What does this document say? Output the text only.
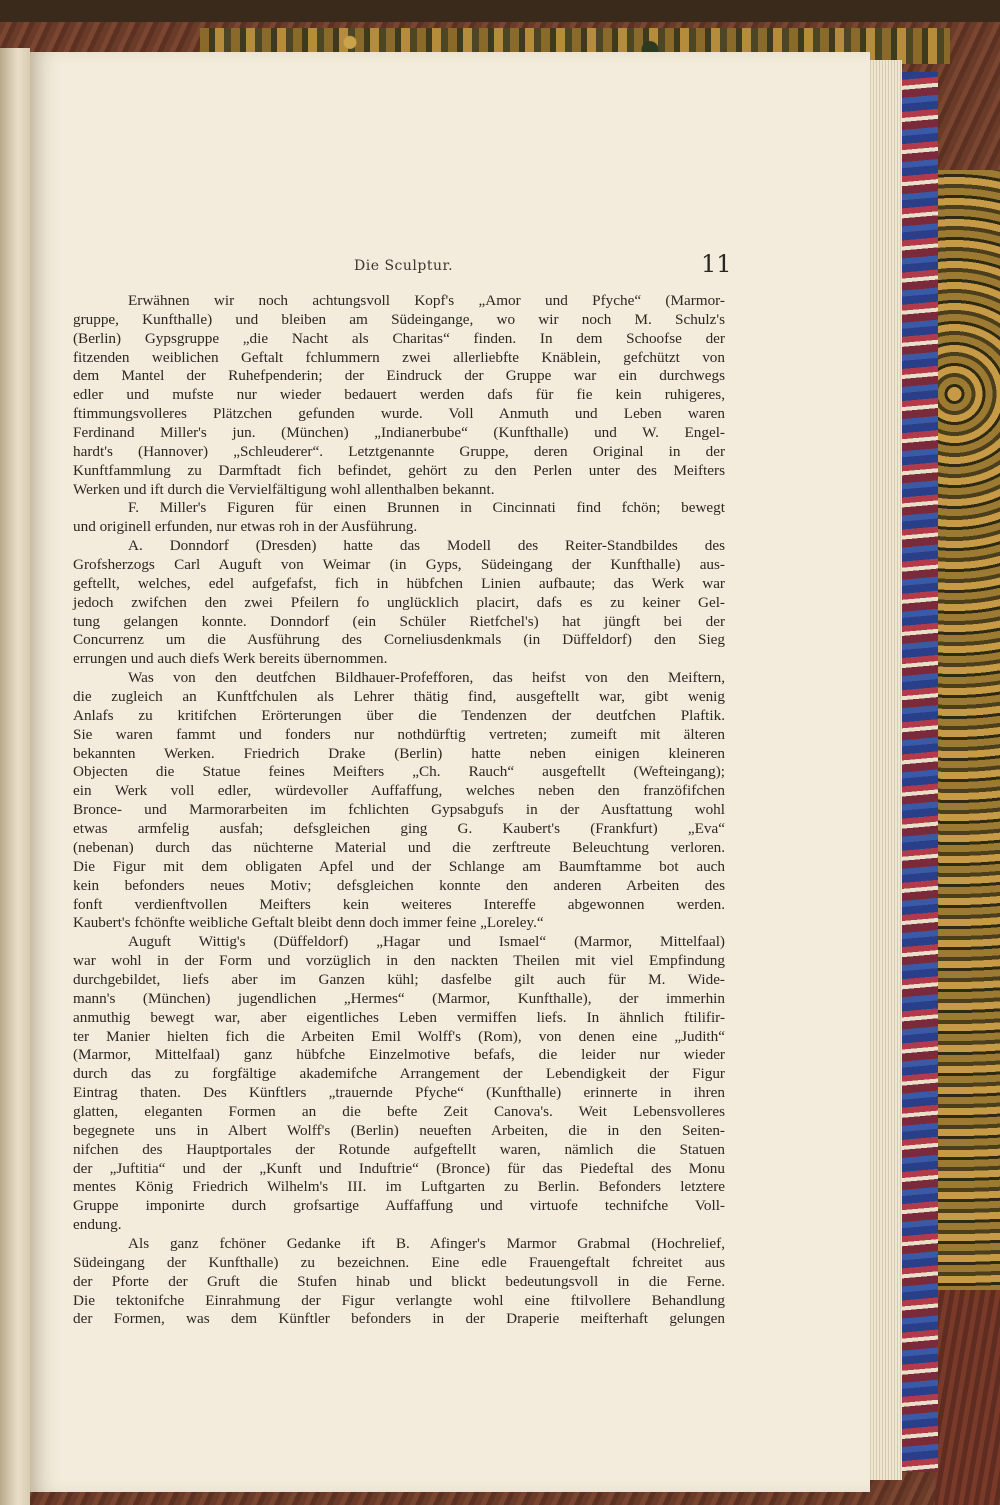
Die Sculptur.	11
Erwähnen wir noch achtungsvoll Kopf's „Amor und Pfyche“ (Marmor-
gruppe, Kunfthalle) und bleiben am Südeingange, wo wir noch M. Schulz's
(Berlin) Gypsgruppe „die Nacht als Charitas“ finden. In dem Schoofse der
fitzenden weiblichen Geftalt fchlummern zwei allerliebfte Knäblein, gefchützt von
dem Mantel der Ruhefpenderin; der Eindruck der Gruppe war ein durchwegs
edler und mufste nur wieder bedauert werden dafs für fie kein ruhigeres,
ftimmungsvolleres Plätzchen gefunden wurde. Voll Anmuth und Leben waren
Ferdinand Miller's jun. (München) „Indianerbube“ (Kunfthalle) und W. Engel-
hardt's (Hannover) „Schleuderer“. Letztgenannte Gruppe, deren Original in der
Kunftfammlung zu Darmftadt fich befindet, gehört zu den Perlen unter des Meifters
Werken und ift durch die Vervielfältigung wohl allenthalben bekannt.
F. Miller's Figuren für einen Brunnen in Cincinnati find fchön; bewegt
und originell erfunden, nur etwas roh in der Ausführung.
A. Donndorf (Dresden) hatte das Modell des Reiter-Standbildes des
Grofsherzogs Carl Auguft von Weimar (in Gyps, Südeingang der Kunfthalle) aus-
geftellt, welches, edel aufgefafst, fich in hübfchen Linien aufbaute; das Werk war
jedoch zwifchen den zwei Pfeilern fo unglücklich placirt, dafs es zu keiner Gel-
tung gelangen konnte. Donndorf (ein Schüler Rietfchel's) hat jüngft bei der
Concurrenz um die Ausführung des Corneliusdenkmals (in Düffeldorf) den Sieg
errungen und auch diefs Werk bereits übernommen.
Was von den deutfchen Bildhauer-Profefforen, das heifst von den Meiftern,
die zugleich an Kunftfchulen als Lehrer thätig find, ausgeftellt war, gibt wenig
Anlafs zu kritifchen Erörterungen über die Tendenzen der deutfchen Plaftik.
Sie waren fammt und fonders nur nothdürftig vertreten; zumeift mit älteren
bekannten Werken. Friedrich Drake (Berlin) hatte neben einigen kleineren
Objecten die Statue feines Meifters „Ch. Rauch“ ausgeftellt (Wefteingang);
ein Werk voll edler, würdevoller Auffaffung, welches neben den franzöfifchen
Bronce- und Marmorarbeiten im fchlichten Gypsabgufs in der Ausftattung wohl
etwas armfelig ausfah; defsgleichen ging G. Kaubert's (Frankfurt) „Eva“
(nebenan) durch das nüchterne Material und die zerftreute Beleuchtung verloren.
Die Figur mit dem obligaten Apfel und der Schlange am Baumftamme bot auch
kein befonders neues Motiv; defsgleichen konnte den anderen Arbeiten des
fonft verdienftvollen Meifters kein weiteres Intereffe abgewonnen werden.
Kaubert's fchönfte weibliche Geftalt bleibt denn doch immer feine „Loreley.“
Auguft Wittig's (Düffeldorf) „Hagar und Ismael“ (Marmor, Mittelfaal)
war wohl in der Form und vorzüglich in den nackten Theilen mit viel Empfindung
durchgebildet, liefs aber im Ganzen kühl; dasfelbe gilt auch für M. Wide-
mann's (München) jugendlichen „Hermes“ (Marmor, Kunfthalle), der immerhin
anmuthig bewegt war, aber eigentliches Leben vermiffen liefs. In ähnlich ftilifir-
ter Manier hielten fich die Arbeiten Emil Wolff's (Rom), von denen eine „Judith“
(Marmor, Mittelfaal) ganz hübfche Einzelmotive befafs, die leider nur wieder
durch das zu forgfältige akademifche Arrangement der Lebendigkeit der Figur
Eintrag thaten. Des Künftlers „trauernde Pfyche“ (Kunfthalle) erinnerte in ihren
glatten, eleganten Formen an die befte Zeit Canova's. Weit Lebensvolleres
begegnete uns in Albert Wolff's (Berlin) neueften Arbeiten, die in den Seiten-
nifchen des Hauptportales der Rotunde aufgeftellt waren, nämlich die Statuen
der „Juftitia“ und der „Kunft und Induftrie“ (Bronce) für das Piedeftal des Monu
mentes König Friedrich Wilhelm's III. im Luftgarten zu Berlin. Befonders letztere
Gruppe imponirte durch grofsartige Auffaffung und virtuofe technifche Voll-
endung.
Als ganz fchöner Gedanke ift B. Afinger's Marmor Grabmal (Hochrelief,
Südeingang der Kunfthalle) zu bezeichnen. Eine edle Frauengeftalt fchreitet aus
der Pforte der Gruft die Stufen hinab und blickt bedeutungsvoll in die Ferne.
Die tektonifche Einrahmung der Figur verlangte wohl eine ftilvollere Behandlung
der Formen, was dem Künftler befonders in der Draperie meifterhaft gelungen
